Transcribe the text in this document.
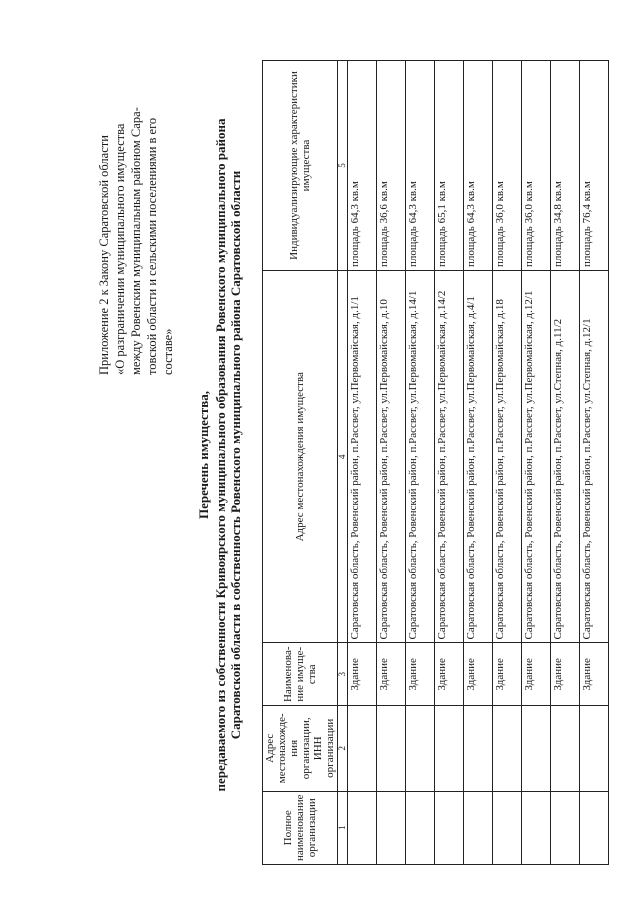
Приложение 2 к Закону Саратовской области «О разграничении муниципального имущества между Ровенским муниципальным районом Сара- товской области и сельскими поселениями в его составе»
Перечень имущества, передаваемого из собственности Кривоярского муниципального образования Ровенского муниципального района Саратовской области в собственность Ровенского муниципального района Саратовской области
Полное наименование организации	Адрес местонахожде-ния организации, ИНН организации	Наименова-ние имуще-ства	Адрес местонахождения имущества	Индивидуализирующие характеристики имущества
1	2	3	4	5
		Здание	Саратовская область, Ровенский район, п.Рассвет, ул.Первомайская, д.1/1	площадь 64,3 кв.м
		Здание	Саратовская область, Ровенский район, п.Рассвет, ул.Первомайская, д.10	площадь 36,6 кв.м
		Здание	Саратовская область, Ровенский район, п.Рассвет, ул.Первомайская, д.14/1	площадь 64,3 кв.м
		Здание	Саратовская область, Ровенский район, п.Рассвет, ул.Первомайская, д.14/2	площадь 65,1 кв.м
		Здание	Саратовская область, Ровенский район, п.Рассвет, ул.Первомайская, д.4/1	площадь 64,3 кв.м
		Здание	Саратовская область, Ровенский район, п.Рассвет, ул.Первомайская, д.18	площадь 36,0 кв.м
		Здание	Саратовская область, Ровенский район, п.Рассвет, ул.Первомайская, д.12/1	площадь 36,0 кв.м
		Здание	Саратовская область, Ровенский район, п.Рассвет, ул.Степная, д.11/2	площадь 34,8 кв.м
		Здание	Саратовская область, Ровенский район, п.Рассвет, ул.Степная, д.12/1	площадь 76,4 кв.м
